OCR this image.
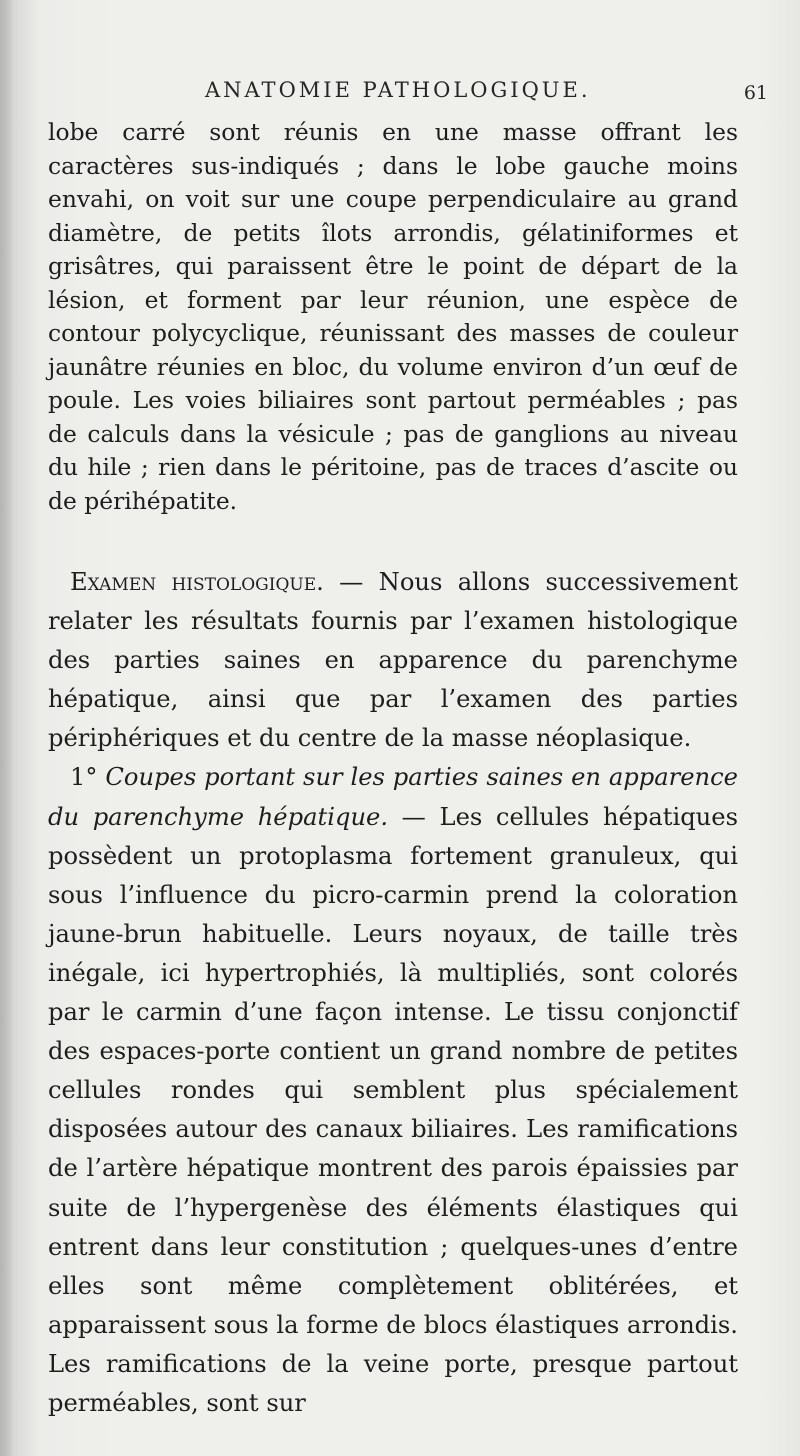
ANATOMIE PATHOLOGIQUE.	61

lobe carré sont réunis en une masse offrant les caractères sus-indiqués ; dans le lobe gauche moins envahi, on voit sur une coupe perpendiculaire au grand diamètre, de petits îlots arrondis, gélatiniformes et grisâtres, qui paraissent être le point de départ de la lésion, et forment par leur réunion, une espèce de contour polycyclique, réunissant des masses de couleur jaunâtre réunies en bloc, du volume environ d’un œuf de poule. Les voies biliaires sont partout perméables ; pas de calculs dans la vésicule ; pas de ganglions au niveau du hile ; rien dans le péritoine, pas de traces d’ascite ou de périhépatite.

Examen histologique. — Nous allons successivement relater les résultats fournis par l’examen histologique des parties saines en apparence du parenchyme hépatique, ainsi que par l’examen des parties périphériques et du centre de la masse néoplasique.

1° Coupes portant sur les parties saines en apparence du parenchyme hépatique. — Les cellules hépatiques possèdent un protoplasma fortement granuleux, qui sous l’influence du picro-carmin prend la coloration jaune-brun habituelle. Leurs noyaux, de taille très inégale, ici hypertrophiés, là multipliés, sont colorés par le carmin d’une façon intense. Le tissu conjonctif des espaces-porte contient un grand nombre de petites cellules rondes qui semblent plus spécialement disposées autour des canaux biliaires. Les ramifications de l’artère hépatique montrent des parois épaissies par suite de l’hypergenèse des éléments élastiques qui entrent dans leur constitution ; quelques-unes d’entre elles sont même complètement oblitérées, et apparaissent sous la forme de blocs élastiques arrondis. Les ramifications de la veine porte, presque partout perméables, sont sur
